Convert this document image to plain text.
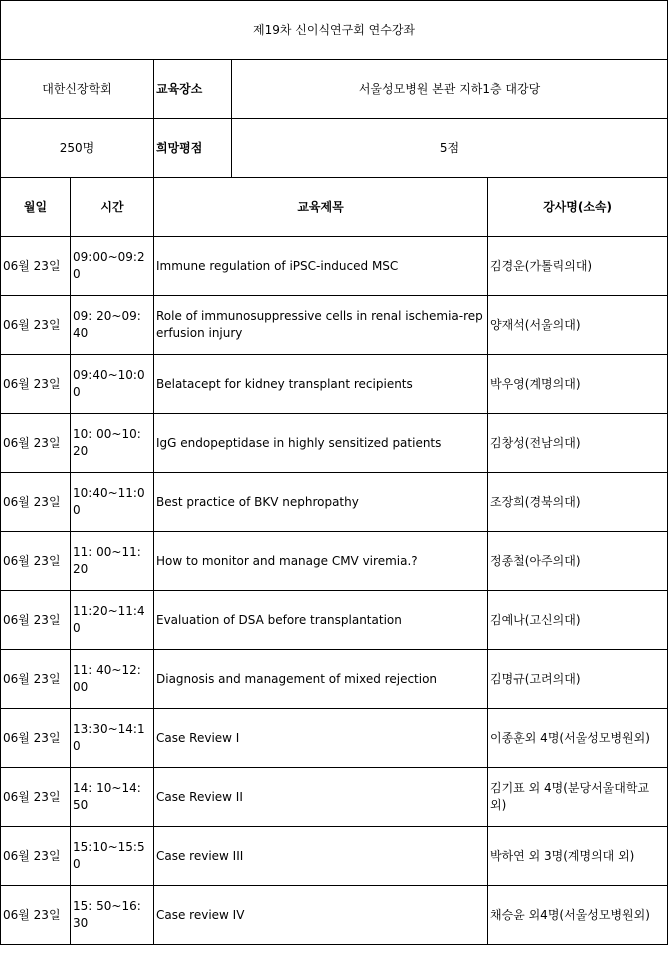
제19차 신이식연구회 연수강좌				
대한신장학회		교육장소	서울성모병원 본관 지하1층 대강당	
250명		희망평점	5점	
월일	시간	교육제목		강사명(소속)
06월 23일	09:00~09:20	Immune regulation of iPSC-induced MSC		김경운(가톨릭의대)
06월 23일	09: 20~09: 40	Role of immunosuppressive cells in renal ischemia-reperfusion injury		양재석(서울의대)
06월 23일	09:40~10:00	Belatacept for kidney transplant recipients		박우영(계명의대)
06월 23일	10: 00~10: 20	IgG endopeptidase in highly sensitized patients		김창성(전남의대)
06월 23일	10:40~11:00	Best practice of BKV nephropathy		조장희(경북의대)
06월 23일	11: 00~11: 20	How to monitor and manage CMV viremia.?		정종철(아주의대)
06월 23일	11:20~11:40	Evaluation of DSA before transplantation		김예나(고신의대)
06월 23일	11: 40~12: 00	Diagnosis and management of mixed rejection		김명규(고려의대)
06월 23일	13:30~14:10	Case Review I		이종훈외 4명(서울성모병원외)
06월 23일	14: 10~14: 50	Case Review II		김기표 외 4명(분당서울대학교외)
06월 23일	15:10~15:50	Case review III		박하연 외 3명(계명의대 외)
06월 23일	15: 50~16: 30	Case review IV		채승윤 외4명(서울성모병원외)
